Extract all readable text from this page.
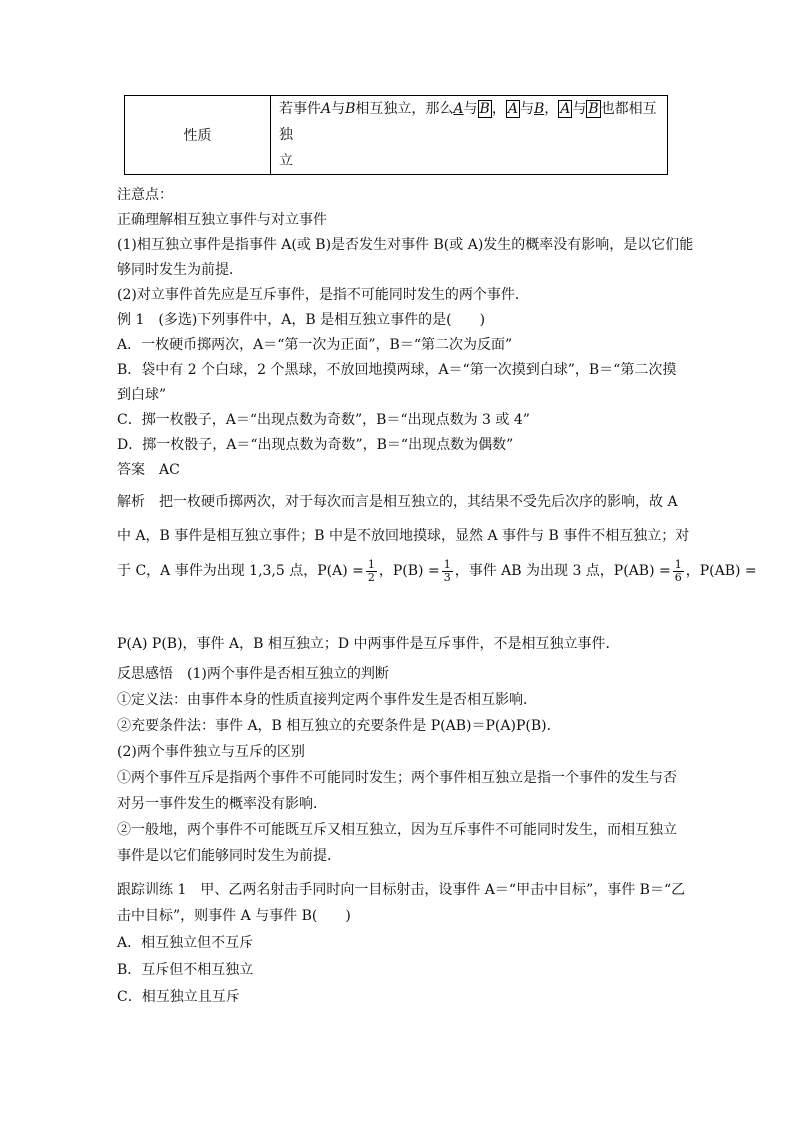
性质	若事件A与B相互独立，那么A与 B ， A 与B， A 与 B 也都相互独
立
注意点：
正确理解相互独立事件与对立事件
(1)相互独立事件是指事件 A(或 B)是否发生对事件 B(或 A)发生的概率没有影响，是以它们能
够同时发生为前提．
(2)对立事件首先应是互斥事件，是指不可能同时发生的两个事件．
例 1　(多选)下列事件中，A，B 是相互独立事件的是(　　)
A．一枚硬币掷两次，A＝“第一次为正面”，B＝“第二次为反面”
B．袋中有 2 个白球，2 个黑球，不放回地摸两球，A＝“第一次摸到白球”，B＝“第二次摸
到白球”
C．掷一枚骰子，A＝“出现点数为奇数”，B＝“出现点数为 3 或 4”
D．掷一枚骰子，A＝“出现点数为奇数”，B＝“出现点数为偶数”
答案　AC
解析　把一枚硬币掷两次，对于每次而言是相互独立的，其结果不受先后次序的影响，故 A
中 A，B 事件是相互独立事件；B 中是不放回地摸球，显然 A 事件与 B 事件不相互独立；对
于 C，A 事件为出现 1,3,5 点，$P(A) = \frac{1}{2}$ ，$P(B) = \frac{1}{3}$ ，事件 AB 为出现 3 点，$P(AB) = \frac{1}{6}$ ，P(AB) =
P(A) P(B)，事件 A，B 相互独立；D 中两事件是互斥事件，不是相互独立事件．
反思感悟　(1)两个事件是否相互独立的判断
①定义法：由事件本身的性质直接判定两个事件发生是否相互影响．
②充要条件法：事件 A，B 相互独立的充要条件是 P(AB)＝P(A)P(B)．
(2)两个事件独立与互斥的区别
①两个事件互斥是指两个事件不可能同时发生；两个事件相互独立是指一个事件的发生与否
对另一事件发生的概率没有影响．
②一般地，两个事件不可能既互斥又相互独立，因为互斥事件不可能同时发生，而相互独立
事件是以它们能够同时发生为前提．
跟踪训练 1　甲、乙两名射击手同时向一目标射击，设事件 A＝“甲击中目标”，事件 B＝“乙
击中目标”，则事件 A 与事件 B(　　)
A．相互独立但不互斥
B．互斥但不相互独立
C．相互独立且互斥
